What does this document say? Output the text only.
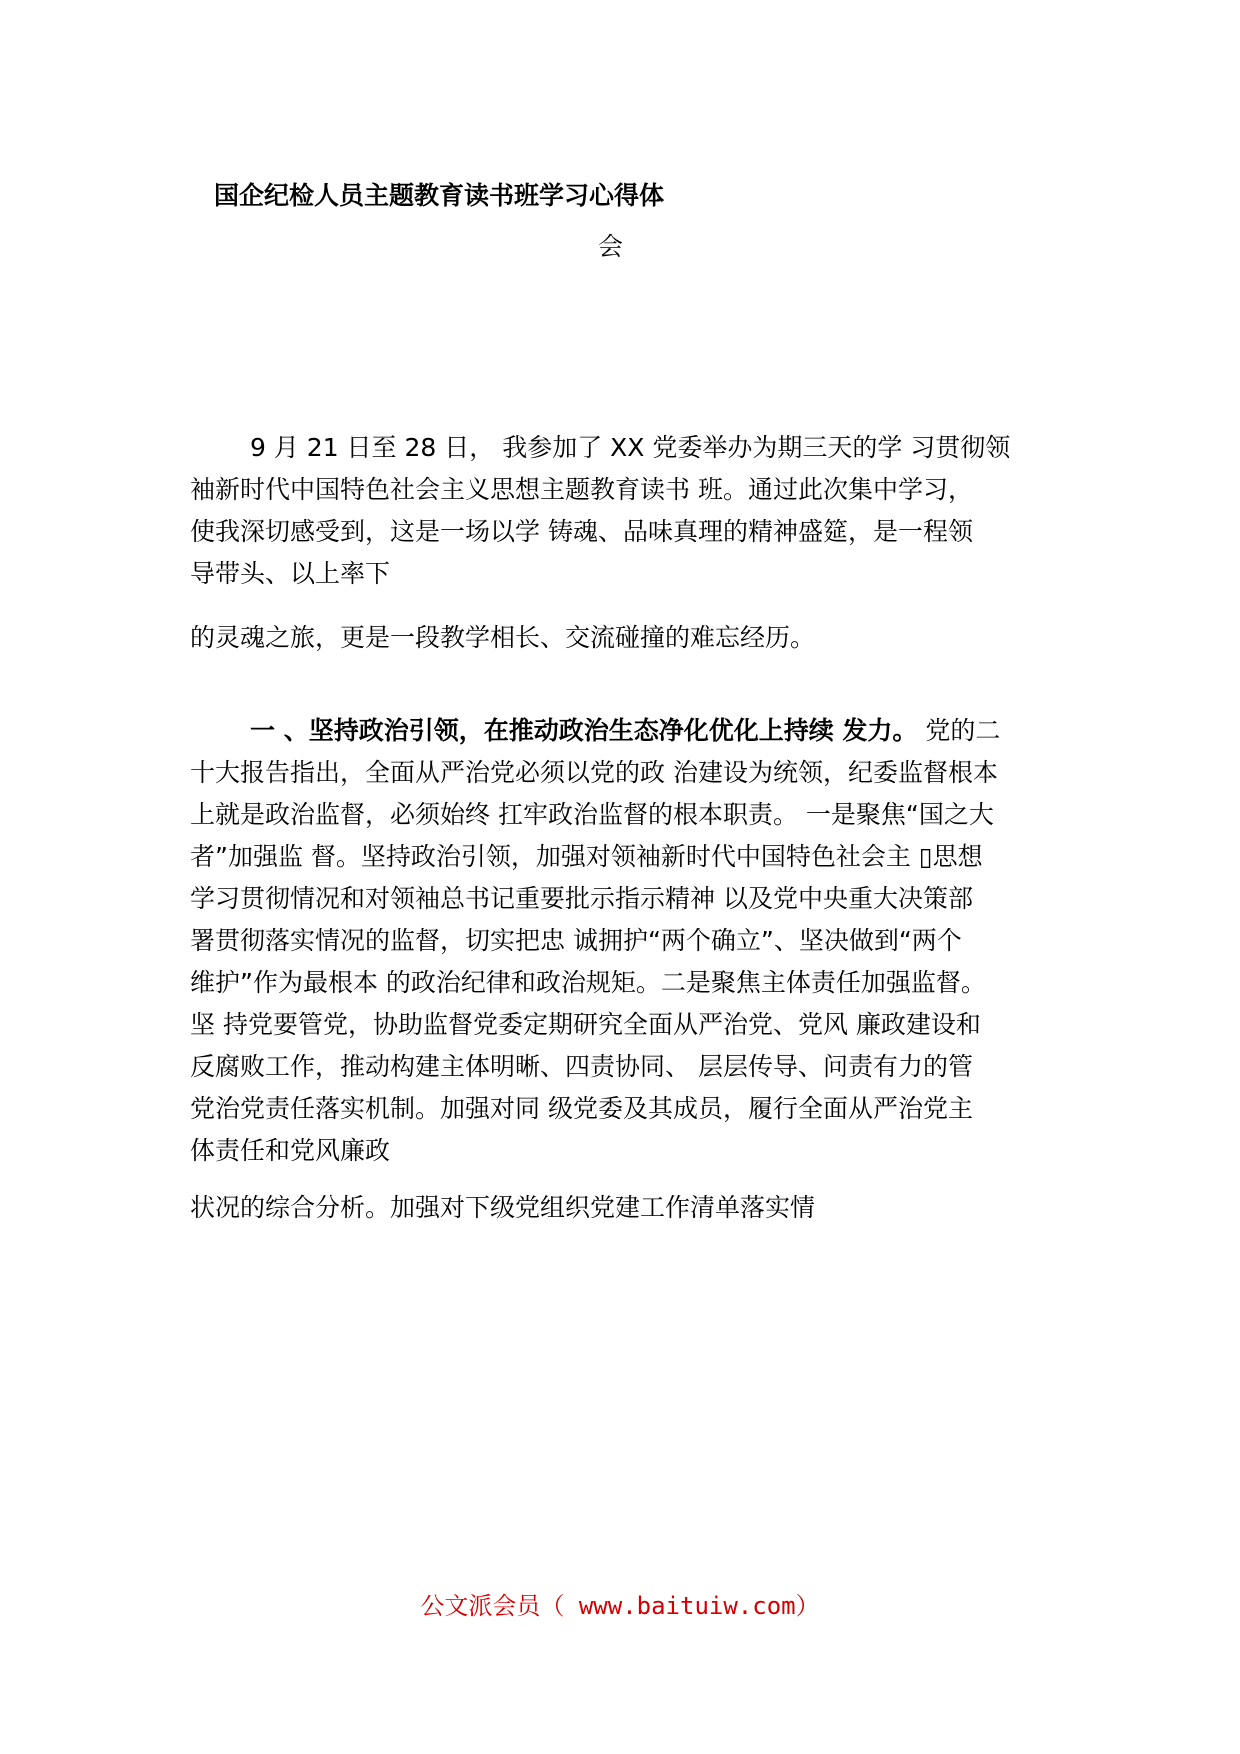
国企纪检人员主题教育读书班学习心得体
会
9 月 21 日至 28 日， 我参加了 XX 党委举办为期三天的学 习贯彻领
袖新时代中国特色社会主义思想主题教育读书 班。通过此次集中学习，
使我深切感受到，这是一场以学 铸魂、品味真理的精神盛筵，是一程领
导带头、以上率下
的灵魂之旅，更是一段教学相长、交流碰撞的难忘经历。
一 、坚持政治引领，在推动政治生态净化优化上持续 发力。 党的二
十大报告指出，全面从严治党必须以党的政 治建设为统领，纪委监督根本
上就是政治监督，必须始终 扛牢政治监督的根本职责。 一是聚焦“国之大
者”加强监 督。坚持政治引领，加强对领袖新时代中国特色社会主 ▯思想
学习贯彻情况和对领袖总书记重要批示指示精神 以及党中央重大决策部
署贯彻落实情况的监督，切实把忠 诚拥护“两个确立”、坚决做到“两个
维护”作为最根本 的政治纪律和政治规矩。二是聚焦主体责任加强监督。
坚 持党要管党，协助监督党委定期研究全面从严治党、党风 廉政建设和
反腐败工作，推动构建主体明晰、四责协同、 层层传导、问责有力的管
党治党责任落实机制。加强对同 级党委及其成员，履行全面从严治党主
体责任和党风廉政
状况的综合分析。加强对下级党组织党建工作清单落实情
公文派会员（ www.baituiw.com）
